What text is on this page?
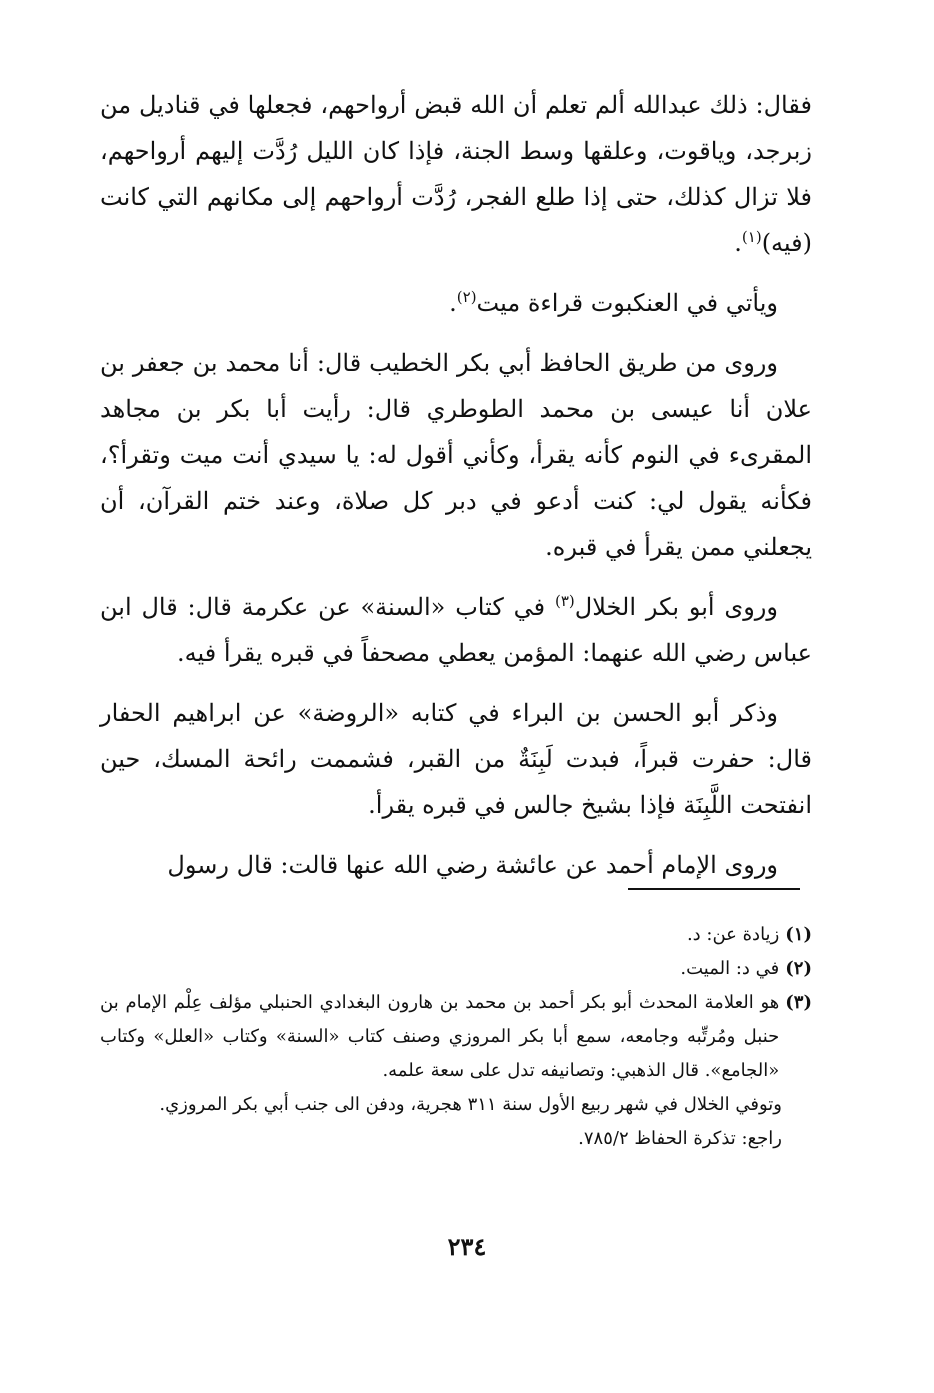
فقال: ذلك عبدالله ألم تعلم أن الله قبض أرواحهم، فجعلها في قناديل من زبرجد، وياقوت، وعلقها وسط الجنة، فإذا كان الليل رُدَّت إليهم أرواحهم، فلا تزال كذلك، حتى إذا طلع الفجر، رُدَّت أرواحهم إلى مكانهم التي كانت (فيه)$^{(١)}$.

ويأتي في العنكبوت قراءة ميت$^{(٢)}$.

وروى من طريق الحافظ أبي بكر الخطيب قال: أنا محمد بن جعفر بن علان أنا عيسى بن محمد الطوطري قال: رأيت أبا بكر بن مجاهد المقرىء في النوم كأنه يقرأ، وكأني أقول له: يا سيدي أنت ميت وتقرأ؟، فكأنه يقول لي: كنت أدعو في دبر كل صلاة، وعند ختم القرآن، أن يجعلني ممن يقرأ في قبره.

وروى أبو بكر الخلال$^{(٣)}$ في كتاب «السنة» عن عكرمة قال: قال ابن عباس رضي الله عنهما: المؤمن يعطي مصحفاً في قبره يقرأ فيه.

وذكر أبو الحسن بن البراء في كتابه «الروضة» عن ابراهيم الحفار قال: حفرت قبراً، فبدت لَبِنَةٌ من القبر، فشممت رائحة المسك، حين انفتحت اللَّبِنَة فإذا بشيخ جالس في قبره يقرأ.

وروى الإمام أحمد عن عائشة رضي الله عنها قالت: قال رسول

(١)
زيادة عن: د.
(٢)
في د: الميت.
(٣)
هو العلامة المحدث أبو بكر أحمد بن محمد بن هارون البغدادي الحنبلي مؤلف عِلْم الإمام بن حنبل ومُرتِّبه وجامعه، سمع أبا بكر المروزي وصنف كتاب «السنة» وكتاب «العلل» وكتاب «الجامع». قال الذهبي: وتصانيفه تدل على سعة علمه.

وتوفي الخلال في شهر ربيع الأول سنة ٣١١ هجرية، ودفن الى جنب أبي بكر المروزي.

راجع: تذكرة الحفاظ ٧٨٥/٢.

٢٣٤
